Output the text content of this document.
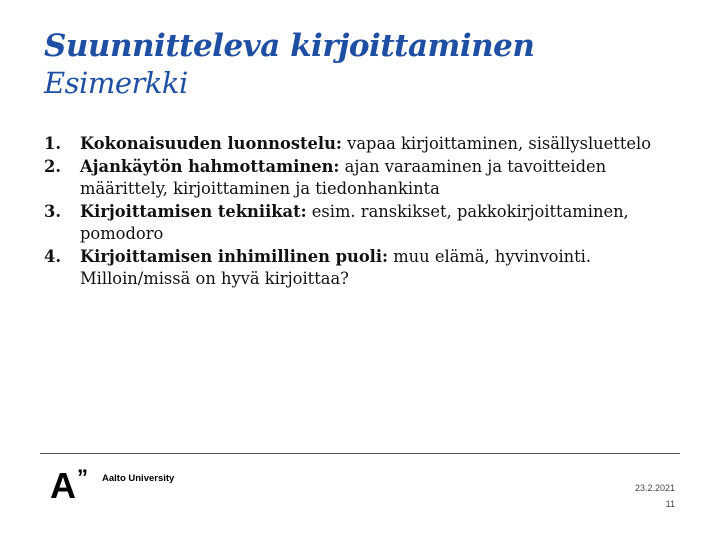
Suunnitteleva kirjoittaminen
Esimerkki
1. Kokonaisuuden luonnostelu: vapaa kirjoittaminen, sisällysluettelo
2. Ajankäytön hahmottaminen: ajan varaaminen ja tavoitteiden määrittely, kirjoittaminen ja tiedonhankinta
3. Kirjoittamisen tekniikat: esim. ranskikset, pakkokirjoittaminen, pomodoro
4. Kirjoittamisen inhimillinen puoli: muu elämä, hyvinvointi. Milloin/missä on hyvä kirjoittaa?
A ” Aalto University
23.2.2021
11
